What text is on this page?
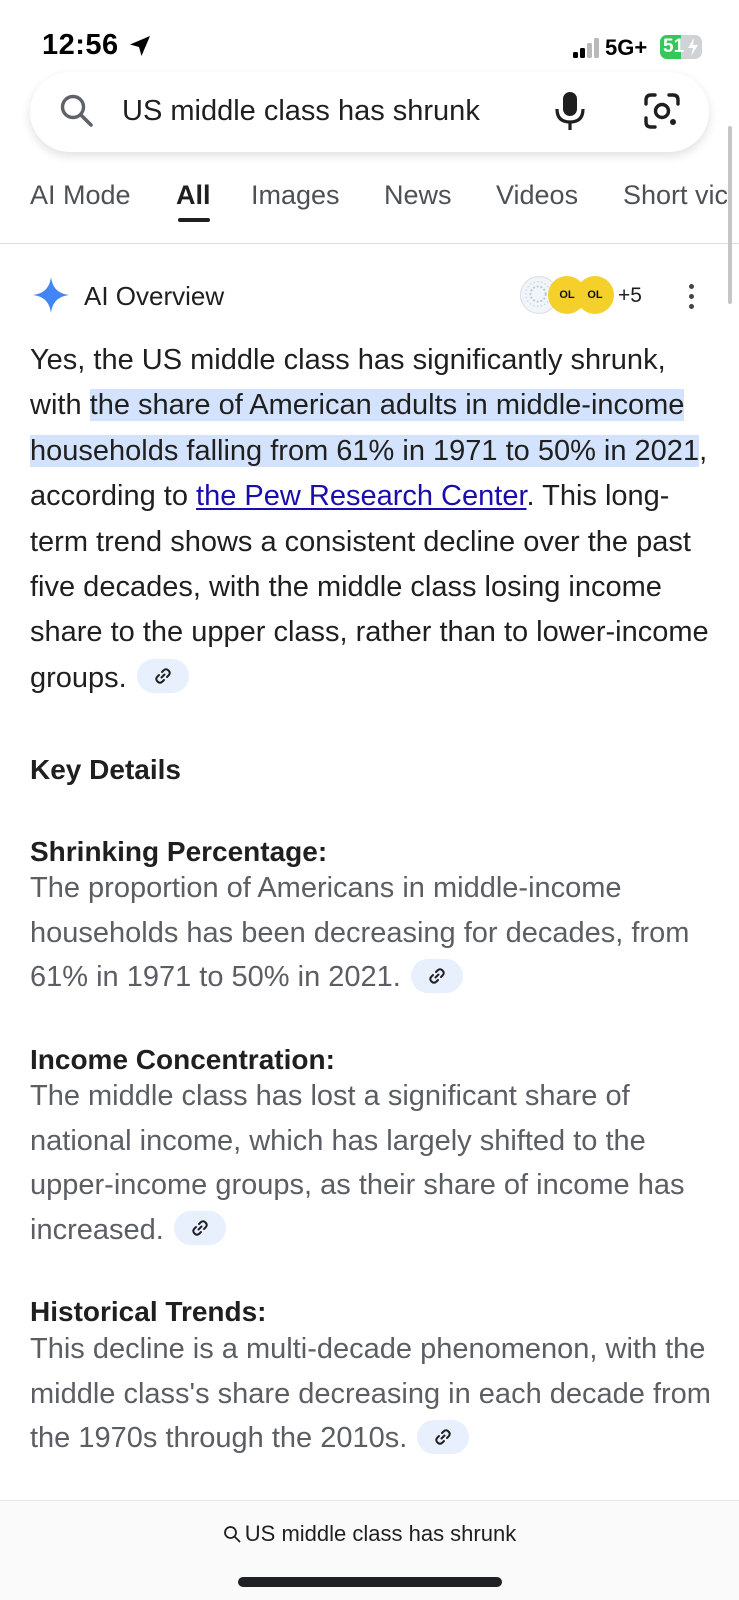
12:56	5G+ 51
US middle class has shrunk
AI Mode All Images News Videos Short vic
AI Overview	OL	OL +5
Yes, the US middle class has significantly shrunk, with the share of American adults in middle-income households falling from 61% in 1971 to 50% in 2021, according to the Pew Research Center. This long-term trend shows a consistent decline over the past five decades, with the middle class losing income share to the upper class, rather than to lower-income groups.
Key Details
Shrinking Percentage:
The proportion of Americans in middle-income households has been decreasing for decades, from 61% in 1971 to 50% in 2021.
Income Concentration:
The middle class has lost a significant share of national income, which has largely shifted to the upper-income groups, as their share of income has increased.
Historical Trends:
This decline is a multi-decade phenomenon, with the middle class's share decreasing in each decade from the 1970s through the 2010s.
US middle class has shrunk
